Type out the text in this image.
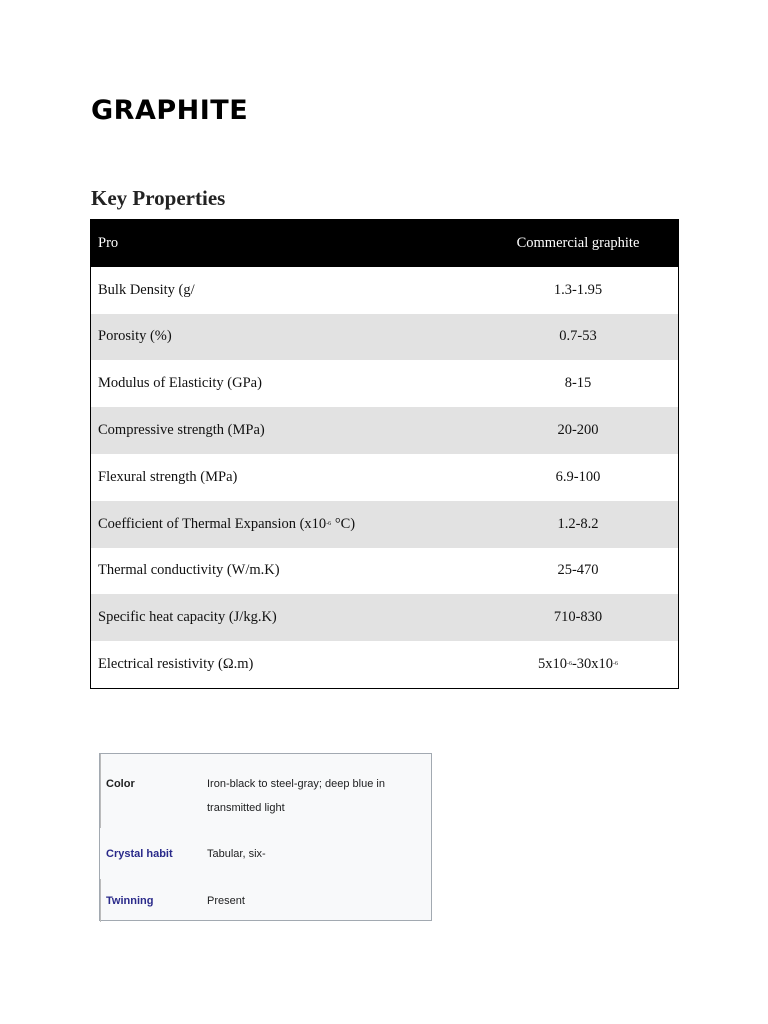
GRAPHITE
Key Properties
Pro	Commercial graphite
Bulk Density (g/	1.3-1.95
Porosity (%)	0.7-53
Modulus of Elasticity (GPa)	8-15
Compressive strength (MPa)	20-200
Flexural strength (MPa)	6.9-100
Coefficient of Thermal Expansion ($x10^{-6}$ °C)	1.2-8.2
Thermal conductivity (W/m.K)	25-470
Specific heat capacity (J/kg.K)	710-830
Electrical resistivity (Ω.m)	$5x10^{-6}-30x10^{-6}$
Color	Iron-black to steel-gray; deep blue in transmitted light
Crystal habit	Tabular, six-
Twinning	Present
